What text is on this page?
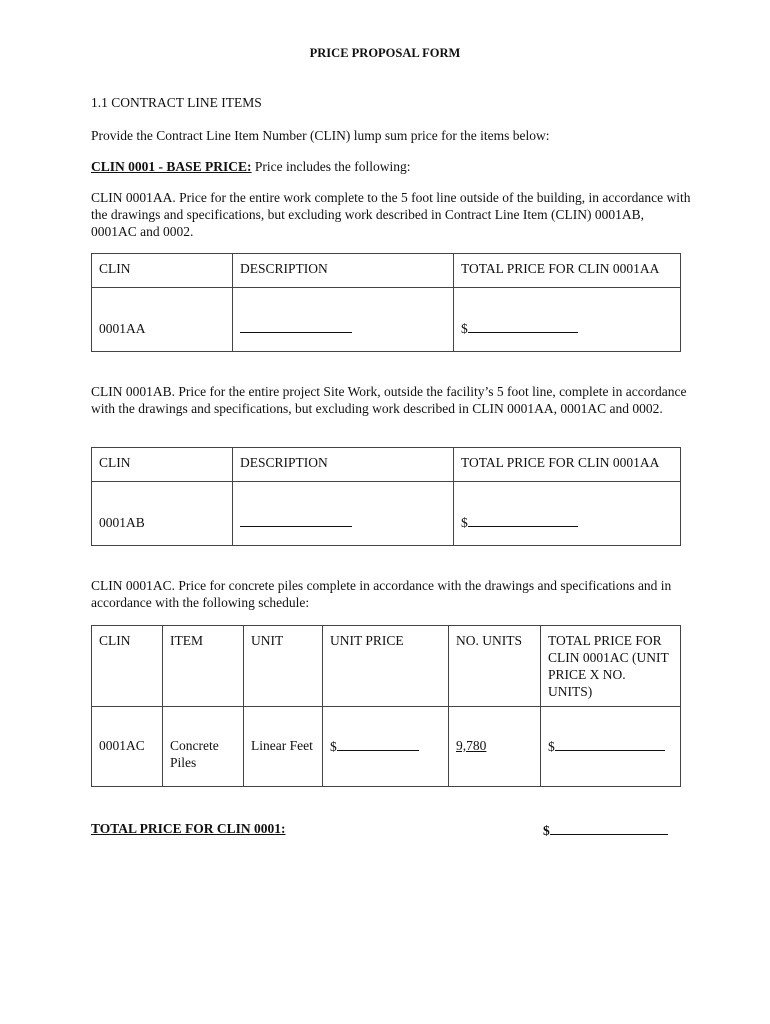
PRICE PROPOSAL FORM
1.1 CONTRACT LINE ITEMS
Provide the Contract Line Item Number (CLIN) lump sum price for the items below:
CLIN 0001 - BASE PRICE: Price includes the following:
CLIN 0001AA. Price for the entire work complete to the 5 foot line outside of the building, in accordance with the drawings and specifications, but excluding work described in Contract Line Item (CLIN) 0001AB, 0001AC and 0002.
CLIN	DESCRIPTION	TOTAL PRICE FOR CLIN 0001AA
0001AA		$
CLIN 0001AB. Price for the entire project Site Work, outside the facility’s 5 foot line, complete in accordance with the drawings and specifications, but excluding work described in CLIN 0001AA, 0001AC and 0002.
CLIN	DESCRIPTION	TOTAL PRICE FOR CLIN 0001AA
0001AB		$
CLIN 0001AC. Price for concrete piles complete in accordance with the drawings and specifications and in accordance with the following schedule:
CLIN	ITEM	UNIT	UNIT PRICE	NO. UNITS	TOTAL PRICE FOR CLIN 0001AC (UNIT PRICE X NO. UNITS)
0001AC	Concrete Piles	Linear Feet	$	9,780	$
TOTAL PRICE FOR CLIN 0001:	$
